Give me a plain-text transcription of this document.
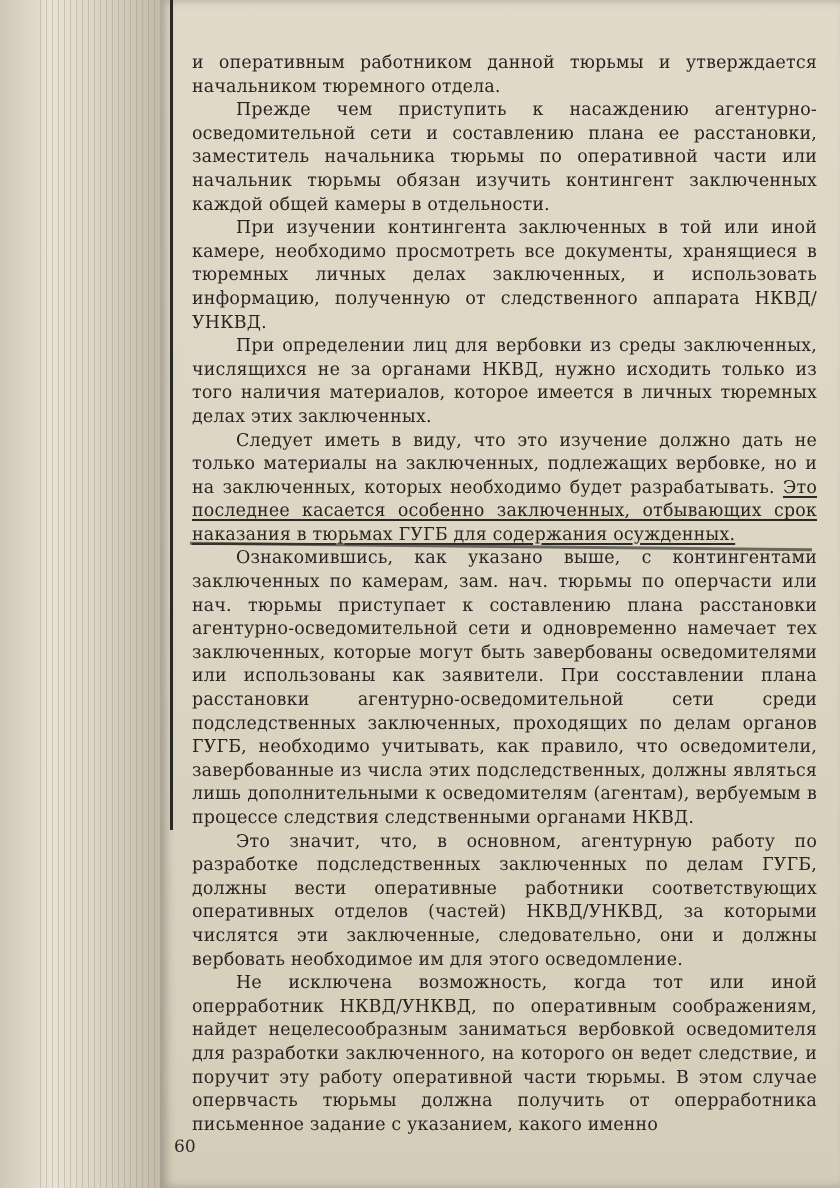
и оперативным работником данной тюрьмы и утверждается начальником тюремного отдела.

Прежде чем приступить к насаждению агентурно-осведомительной сети и составлению плана ее расстановки, заместитель начальника тюрьмы по оперативной части или начальник тюрьмы обязан изучить контингент заключенных каждой общей камеры в отдельности.

При изучении контингента заключенных в той или иной камере, необходимо просмотреть все документы, хранящиеся в тюремных личных делах заключенных, и использовать информацию, полученную от следственного аппарата НКВД/УНКВД.

При определении лиц для вербовки из среды заключенных, числящихся не за органами НКВД, нужно исходить только из того наличия материалов, которое имеется в личных тюремных делах этих заключенных.

Следует иметь в виду, что это изучение должно дать не только материалы на заключенных, подлежащих вербовке, но и на заключенных, которых необходимо будет разрабатывать. Это последнее касается особенно заключенных, отбывающих срок наказания в тюрьмах ГУГБ для содержания осужденных.

Ознакомившись, как указано выше, с контингентами заключенных по камерам, зам. нач. тюрьмы по оперчасти или нач. тюрьмы приступает к составлению плана расстановки агентурно-осведомительной сети и одновременно намечает тех заключенных, которые могут быть завербованы осведомителями или использованы как заявители. При сосставлении плана расстановки агентурно-осведомительной сети среди подследственных заключенных, проходящих по делам органов ГУГБ, необходимо учитывать, как правило, что осведомители, завербованные из числа этих подследственных, должны являться лишь дополнительными к осведомителям (агентам), вербуемым в процессе следствия следственными органами НКВД.

Это значит, что, в основном, агентурную работу по разработке подследственных заключенных по делам ГУГБ, должны вести оперативные работники соответствующих оперативных отделов (частей) НКВД/УНКВД, за которыми числятся эти заключенные, следовательно, они и должны вербовать необходимое им для этого осведомление.

Не исключена возможность, когда тот или иной оперработник НКВД/УНКВД, по оперативным соображениям, найдет нецелесообразным заниматься вербовкой осведомителя для разработки заключенного, на которого он ведет следствие, и поручит эту работу оперативной части тюрьмы. В этом случае опервчасть тюрьмы должна получить от оперработника письменное задание с указанием, какого именно

60
